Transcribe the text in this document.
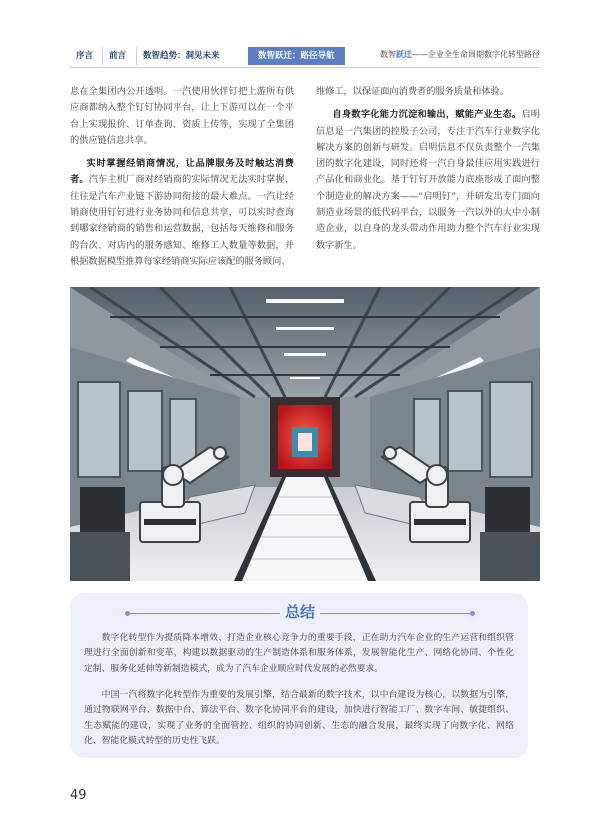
序言	前言	数智趋势：洞见未来	数智跃迁：路径导航	数智跃迁——企业全生命周期数字化转型路径

息在全集团内公开透明。一汽使用伙伴钉把上游所有供应商都纳入整个钉钉协同平台，让上下游可以在一个平台上实现报价、订单查询、资质上传等，实现了全集团的供应链信息共享。

实时掌握经销商情况，让品牌服务及时触达消费者。汽车主机厂商对经销商的实际情况无法实时掌握，往往是汽车产业链下游协同衔接的最大难点。一汽让经销商使用钉钉进行业务协同和信息共享，可以实时查询到哪家经销商的销售和运营数据，包括每天维修和服务的台次、对店内的服务感知、维修工人数量等数据，并根据数据模型推算每家经销商实际应该配的服务顾问、

维修工，以保证面向消费者的服务质量和体验。

自身数字化能力沉淀和输出，赋能产业生态。启明信息是一汽集团的控股子公司，专注于汽车行业数字化解决方案的创新与研发。启明信息不仅负责整个一汽集团的数字化建设，同时还将一汽自身最佳应用实践进行产品化和商业化。基于钉钉开放能力底座形成了面向整个制造业的解决方案——“启明钉”，并研发出专门面向制造业场景的低代码平台，以服务一汽以外的大中小制造企业，以自身的龙头带动作用助力整个汽车行业实现数字新生。

总结

数字化转型作为提质降本增效、打造企业核心竞争力的重要手段，正在助力汽车企业的生产运营和组织管理进行全面创新和变革，构建以数据驱动的生产制造体系和服务体系，发展智能化生产、网络化协同、个性化定制、服务化延伸等新制造模式，成为了汽车企业顺应时代发展的必然要求。

中国一汽将数字化转型作为重要的发展引擎，结合最新的数字技术，以中台建设为核心，以数据为引擎，通过物联网平台、数据中台、算法平台、数字化协同平台的建设，加快进行智能工厂、数字车间、敏捷组织、生态赋能的建设，实现了业务的全面管控、组织的协同创新、生态的融合发展，最终实现了向数字化、网络化、智能化模式转型的历史性飞跃。

49
